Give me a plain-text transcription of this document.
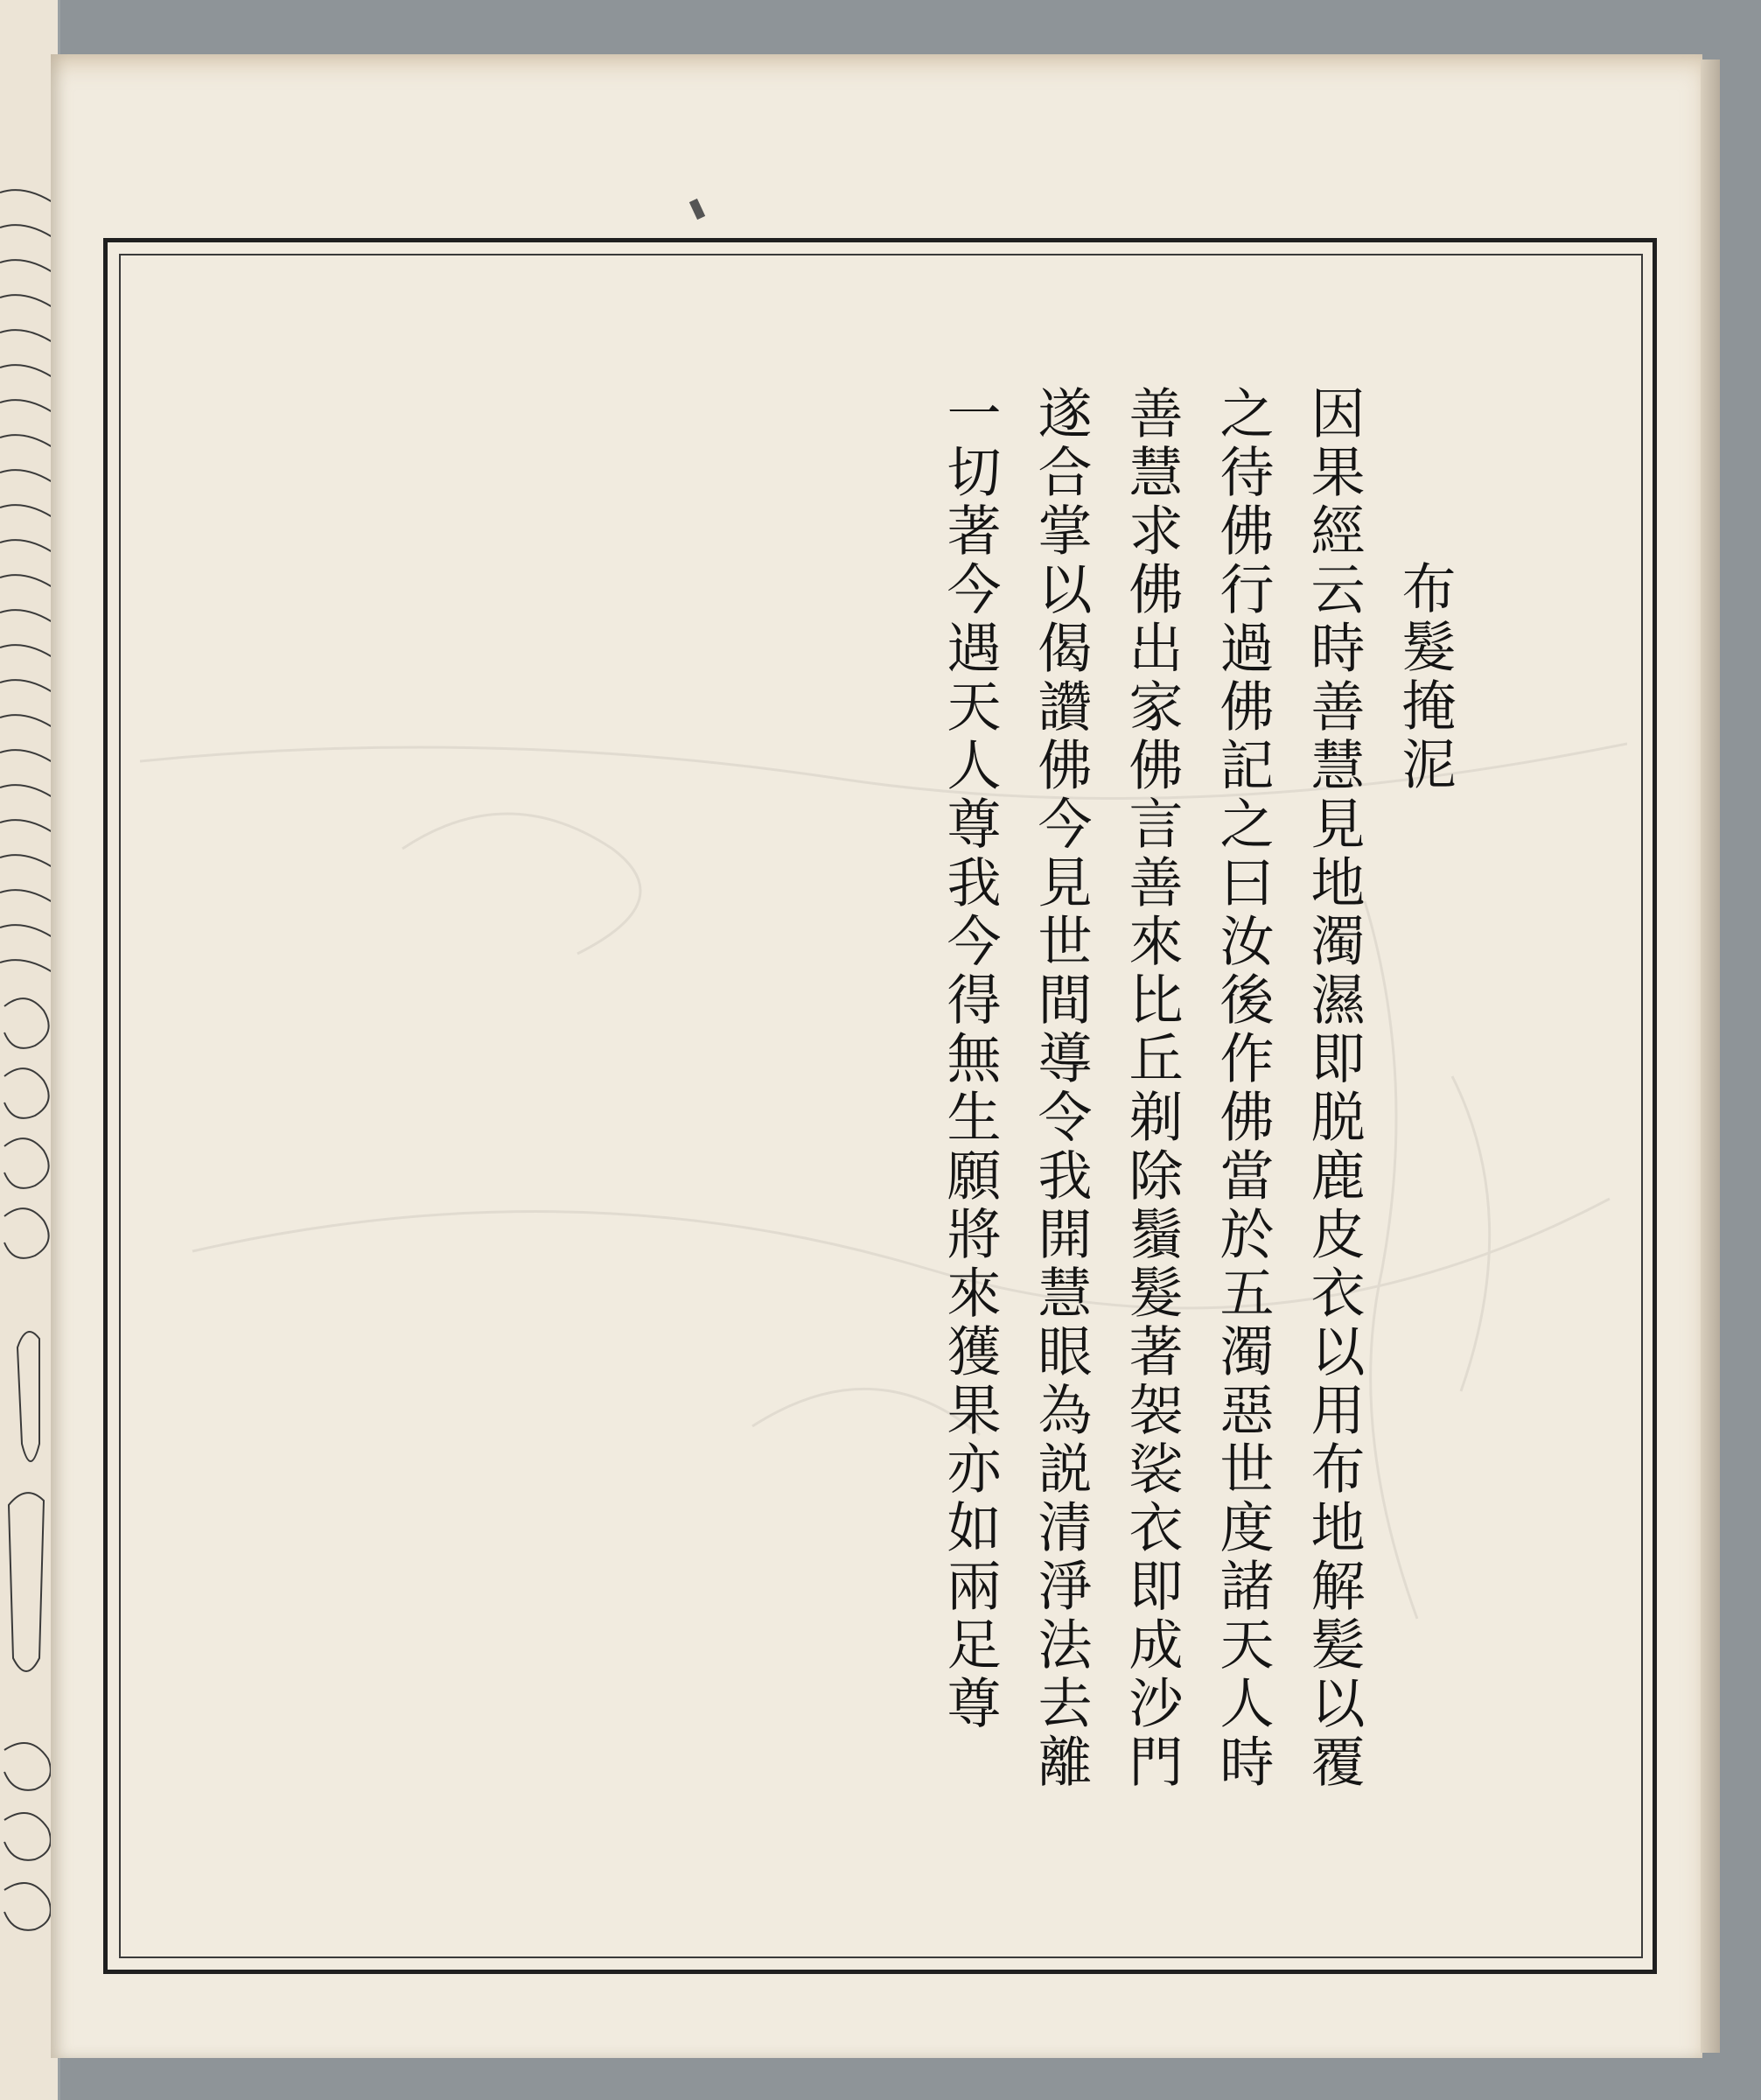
布髮掩泥
因果經云時善慧見地濁濕即脱鹿皮衣以用布地解髪以覆
之待佛行過佛記之曰汝後作佛當於五濁惡世度諸天人時
善慧求佛出家佛言善來比丘剃除鬚髮著袈裟衣即成沙門
遂合掌以偈讚佛今見世間導令我開慧眼為説清淨法去離
一切著今遇天人尊我今得無生願將來獲果亦如兩足尊
